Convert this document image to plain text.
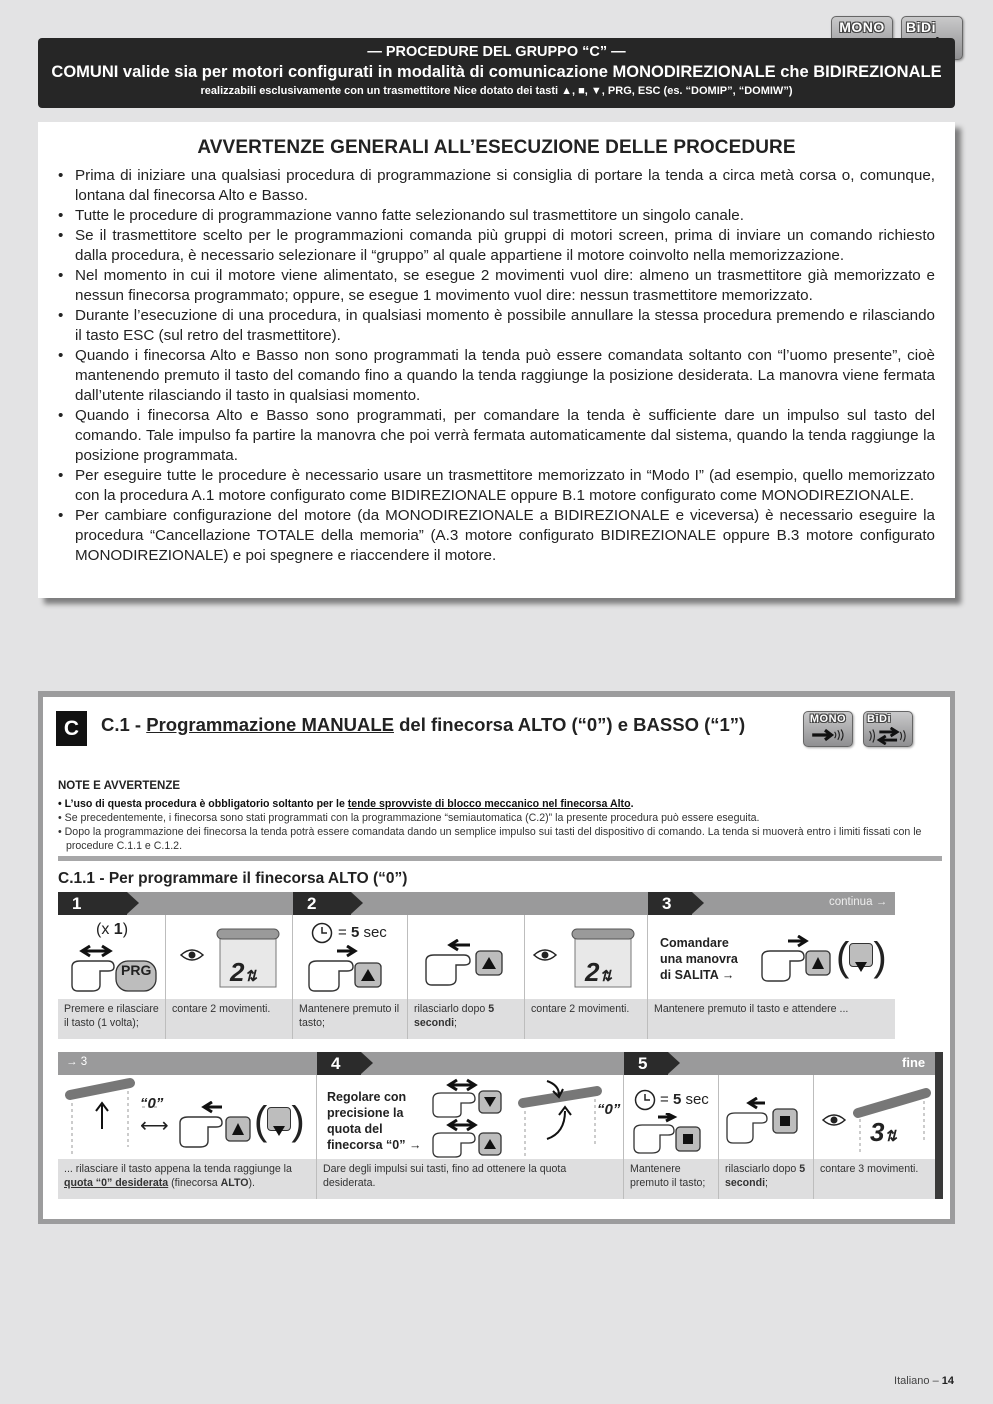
MONO	BiDi
— PROCEDURE DEL GRUPPO “C” —
COMUNI valide sia per motori configurati in modalità di comunicazione MONODIREZIONALE che BIDIREZIONALE
realizzabili esclusivamente con un trasmettitore Nice dotato dei tasti ▲, ■, ▼, PRG, ESC (es. “DOMIP”, “DOMIW”)
AVVERTENZE GENERALI ALL’ESECUZIONE DELLE PROCEDURE
• Prima di iniziare una qualsiasi procedura di programmazione si consiglia di portare la tenda a circa metà corsa o, comunque, lontana dal finecorsa Alto e Basso.
• Tutte le procedure di programmazione vanno fatte selezionando sul trasmettitore un singolo canale.
• Se il trasmettitore scelto per le programmazioni comanda più gruppi di motori screen, prima di inviare un comando richiesto dalla procedura, è necessario selezionare il “gruppo” al quale appartiene il motore coinvolto nella memorizzazione.
• Nel momento in cui il motore viene alimentato, se esegue 2 movimenti vuol dire: almeno un trasmettitore già memorizzato e nessun finecorsa programmato; oppure, se esegue 1 movimento vuol dire: nessun trasmettitore memorizzato.
• Durante l’esecuzione di una procedura, in qualsiasi momento è possibile annullare la stessa procedura premendo e rilasciando il tasto ESC (sul retro del trasmettitore).
• Quando i finecorsa Alto e Basso non sono programmati la tenda può essere comandata soltanto con “l’uomo presente”, cioè mantenendo premuto il tasto del comando fino a quando la tenda raggiunge la posizione desiderata. La manovra viene fermata dall’utente rilasciando il tasto in qualsiasi momento.
• Quando i finecorsa Alto e Basso sono programmati, per comandare la tenda è sufficiente dare un impulso sul tasto del comando. Tale impulso fa partire la manovra che poi verrà fermata automaticamente dal sistema, quando la tenda raggiunge la posizione programmata.
• Per eseguire tutte le procedure è necessario usare un trasmettitore memorizzato in “Modo I” (ad esempio, quello memorizzato con la procedura A.1 motore configurato come BIDIREZIONALE oppure B.1 motore configurato come MONODIREZIONALE.
• Per cambiare configurazione del motore (da MONODIREZIONALE a BIDIREZIONALE e viceversa) è necessario eseguire la procedura “Cancellazione TOTALE della memoria” (A.3 motore configurato BIDIREZIONALE oppure B.3 motore configurato MONODIREZIONALE) e poi spegnere e riaccendere il motore.
C	C.1 - Programmazione MANUALE del finecorsa ALTO (“0”) e BASSO (“1”)	MONO	BiDi
NOTE E AVVERTENZE

• L’uso di questa procedura è obbligatorio soltanto per le tende sprovviste di blocco meccanico nel finecorsa Alto.

• Se precedentemente, i finecorsa sono stati programmati con la programmazione “semiautomatica (C.2)” la presente procedura può essere eseguita.

• Dopo la programmazione dei finecorsa la tenda potrà essere comandata dando un semplice impulso sui tasti del dispositivo di comando. La tenda si muoverà entro i limiti fissati con le procedure C.1.1 e C.1.2.

C.1.1 - Per programmare il finecorsa ALTO (“0”)
1	2	3	continua →
(x 1)
PRG	2⇅
= 5 sec
2⇅
Comandare una manovra di SALITA →	( )
Premere e rilasciare il tasto (1 volta);
contare 2 movimenti.	Mantenere premuto il tasto;
rilasciarlo dopo 5 secondi;
contare 2 movimenti.	Mantenere premuto il tasto e attendere ...
→ 3	4	5	fine
“0”
⟷ ( )
Regolare con precisione la quota del finecorsa “0” →
“0”
= 5 sec
3⇅
... rilasciare il tasto appena la tenda raggiunge la quota “0” desiderata (finecorsa ALTO).
Dare degli impulsi sui tasti, fino ad ottenere la quota desiderata.
Mantenere premuto il tasto;
rilasciarlo dopo 5 secondi;
contare 3 movimenti.
Italiano – 14
